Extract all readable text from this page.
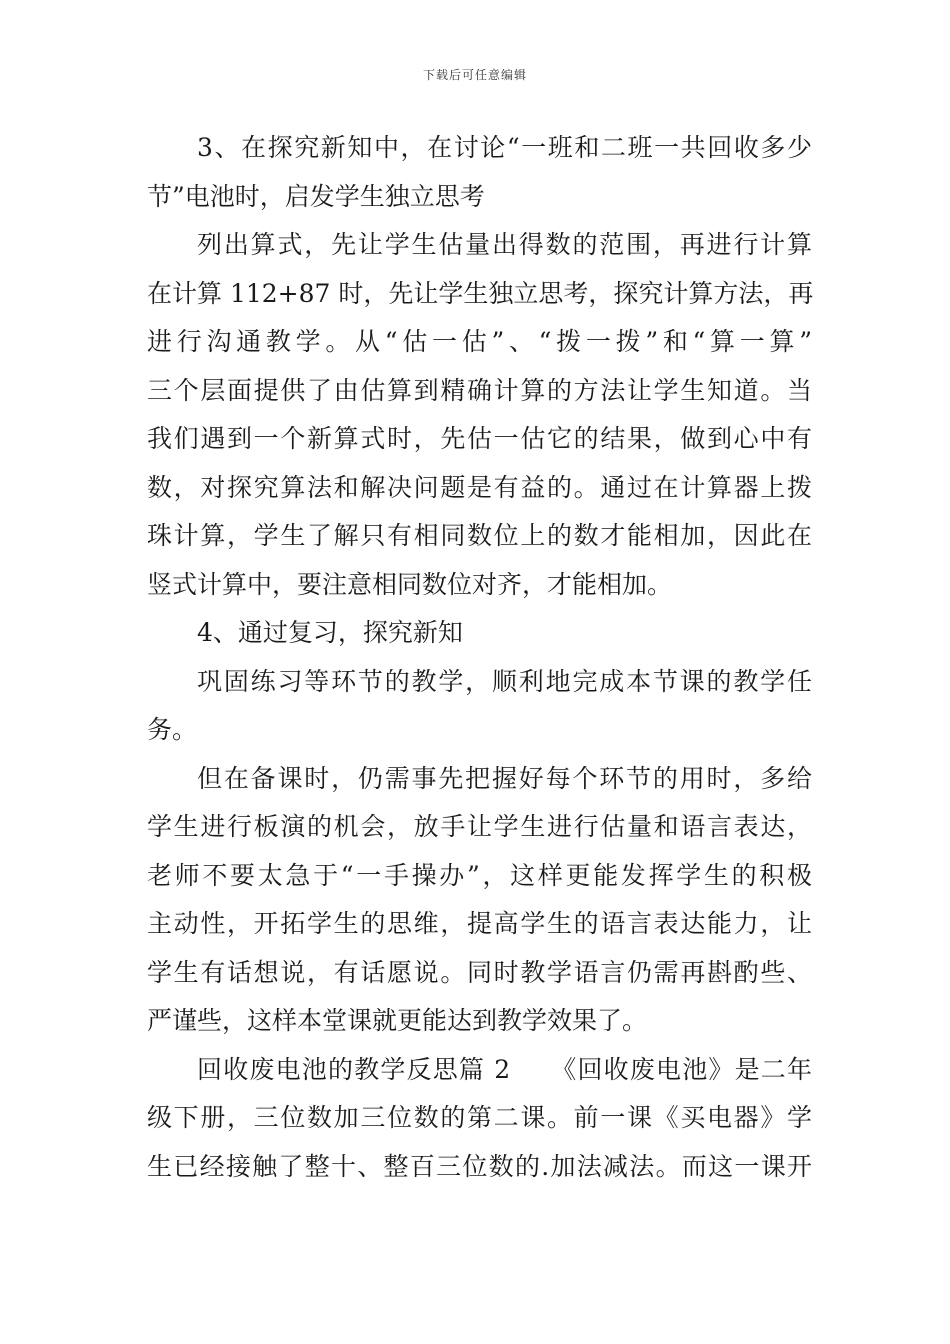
下载后可任意编辑
3、在探究新知中，在讨论“一班和二班一共回收多少
节”电池时，启发学生独立思考
列出算式，先让学生估量出得数的范围，再进行计算
在计算 112+87 时，先让学生独立思考，探究计算方法，再
进行沟通教学。从“估一估”、“拨一拨”和“算一算”
三个层面提供了由估算到精确计算的方法让学生知道。当
我们遇到一个新算式时，先估一估它的结果，做到心中有
数，对探究算法和解决问题是有益的。通过在计算器上拨
珠计算，学生了解只有相同数位上的数才能相加，因此在
竖式计算中，要注意相同数位对齐，才能相加。
4、通过复习，探究新知
巩固练习等环节的教学，顺利地完成本节课的教学任
务。
但在备课时，仍需事先把握好每个环节的用时，多给
学生进行板演的机会，放手让学生进行估量和语言表达，
老师不要太急于“一手操办”，这样更能发挥学生的积极
主动性，开拓学生的思维，提高学生的语言表达能力，让
学生有话想说，有话愿说。同时教学语言仍需再斟酌些、
严谨些，这样本堂课就更能达到教学效果了。
回收废电池的教学反思篇 2　　《回收废电池》是二年
级下册，三位数加三位数的第二课。前一课《买电器》学
生已经接触了整十、整百三位数的.加法减法。而这一课开
